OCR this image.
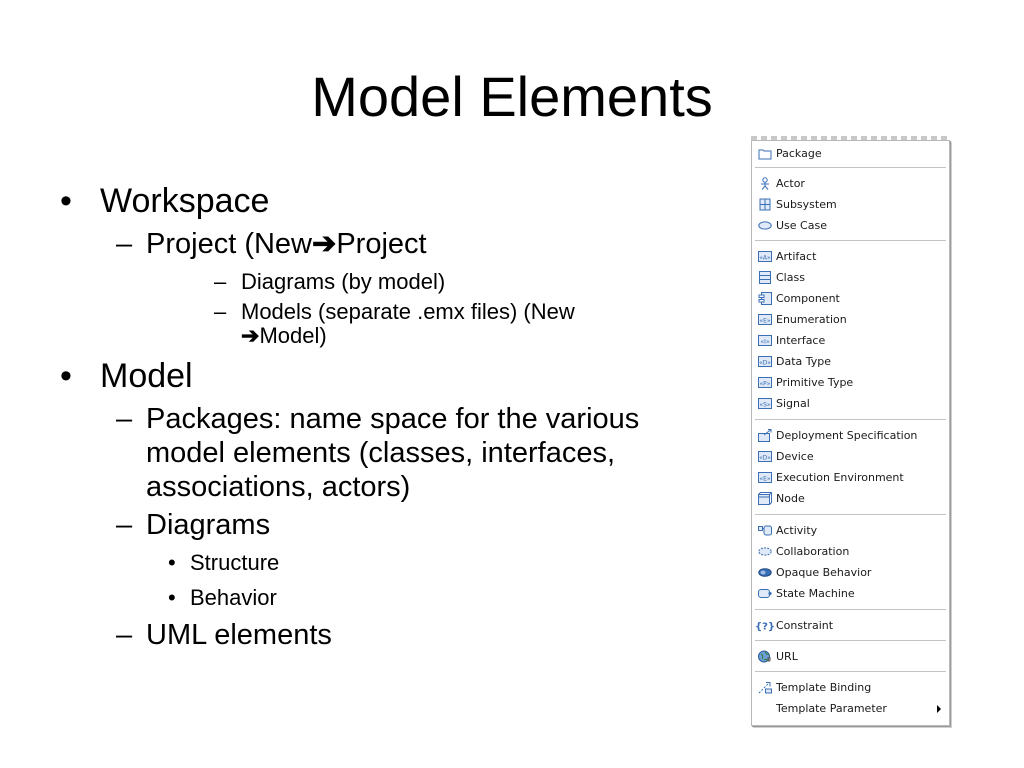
Model Elements
• Workspace
– Project (New➔Project
– Diagrams (by model)
– Models (separate .emx files) (New
➔Model)
• Model
– Packages: name space for the various
model elements (classes, interfaces,
associations, actors)
– Diagrams
• Structure
• Behavior
– UML elements
Package
Actor
Subsystem
Use Case
«A» Artifact
Class
Component
«E» Enumeration
«I» Interface
«D» Data Type
«P» Primitive Type
«S» Signal
Deployment Specification
«D» Device
«E» Execution Environment
Node
Activity
Collaboration
Opaque Behavior
State Machine
{?} Constraint
URL
Template Binding
Template Parameter
